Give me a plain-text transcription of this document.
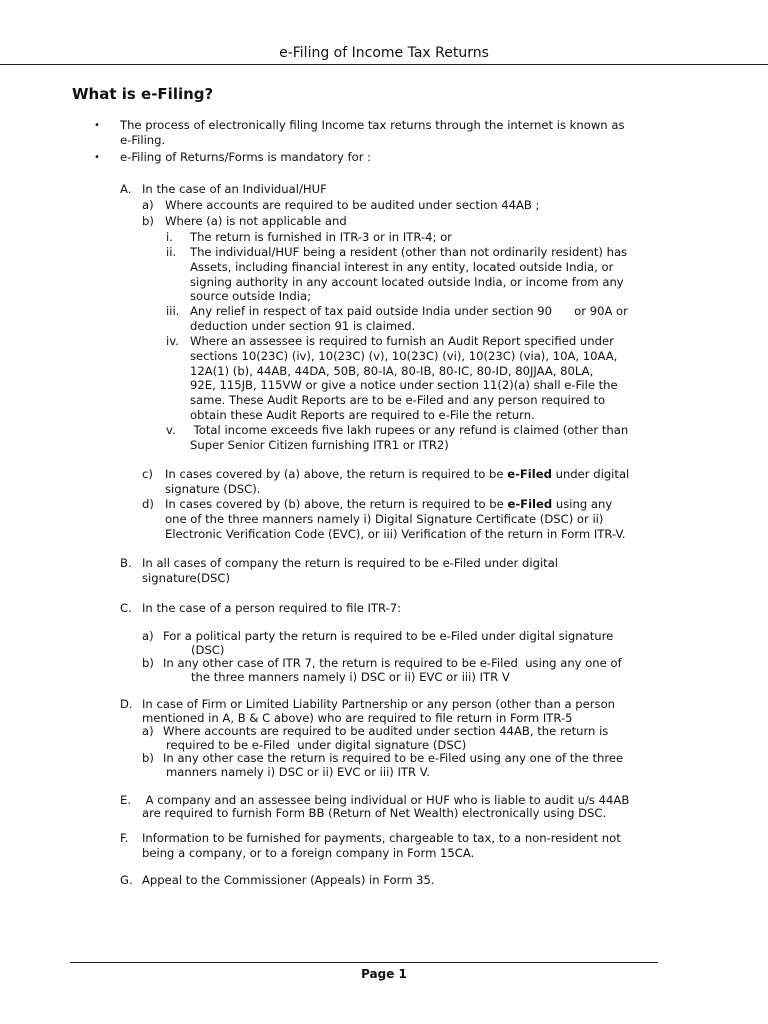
e-Filing of Income Tax Returns
What is e-Filing?
• The process of electronically filing Income tax returns through the internet is known as
e-Filing.
• e-Filing of Returns/Forms is mandatory for :
A. In the case of an Individual/HUF
a) Where accounts are required to be audited under section 44AB ;
b) Where (a) is not applicable and
i. The return is furnished in ITR-3 or in ITR-4; or
ii. The individual/HUF being a resident (other than not ordinarily resident) has
Assets, including financial interest in any entity, located outside India, or
signing authority in any account located outside India, or income from any
source outside India;
iii. Any relief in respect of tax paid outside India under section 90      or 90A or
deduction under section 91 is claimed.
iv. Where an assessee is required to furnish an Audit Report specified under
sections 10(23C) (iv), 10(23C) (v), 10(23C) (vi), 10(23C) (via), 10A, 10AA,
12A(1) (b), 44AB, 44DA, 50B, 80-IA, 80-IB, 80-IC, 80-ID, 80JJAA, 80LA,
92E, 115JB, 115VW or give a notice under section 11(2)(a) shall e-File the
same. These Audit Reports are to be e-Filed and any person required to
obtain these Audit Reports are required to e-File the return.
v. Total income exceeds five lakh rupees or any refund is claimed (other than
Super Senior Citizen furnishing ITR1 or ITR2)
c) In cases covered by (a) above, the return is required to be e-Filed under digital
signature (DSC).
d) In cases covered by (b) above, the return is required to be e-Filed using any
one of the three manners namely i) Digital Signature Certificate (DSC) or ii)
Electronic Verification Code (EVC), or iii) Verification of the return in Form ITR-V.
B. In all cases of company the return is required to be e-Filed under digital
signature(DSC)
C. In the case of a person required to file ITR-7:
a) For a political party the return is required to be e-Filed under digital signature
(DSC)
b) In any other case of ITR 7, the return is required to be e-Filed  using any one of
the three manners namely i) DSC or ii) EVC or iii) ITR V
D. In case of Firm or Limited Liability Partnership or any person (other than a person
mentioned in A, B & C above) who are required to file return in Form ITR-5
a) Where accounts are required to be audited under section 44AB, the return is
required to be e-Filed  under digital signature (DSC)
b) In any other case the return is required to be e-Filed using any one of the three
manners namely i) DSC or ii) EVC or iii) ITR V.
E. A company and an assessee being individual or HUF who is liable to audit u/s 44AB
are required to furnish Form BB (Return of Net Wealth) electronically using DSC.
F. Information to be furnished for payments, chargeable to tax, to a non-resident not
being a company, or to a foreign company in Form 15CA.
G. Appeal to the Commissioner (Appeals) in Form 35.
Page 1
